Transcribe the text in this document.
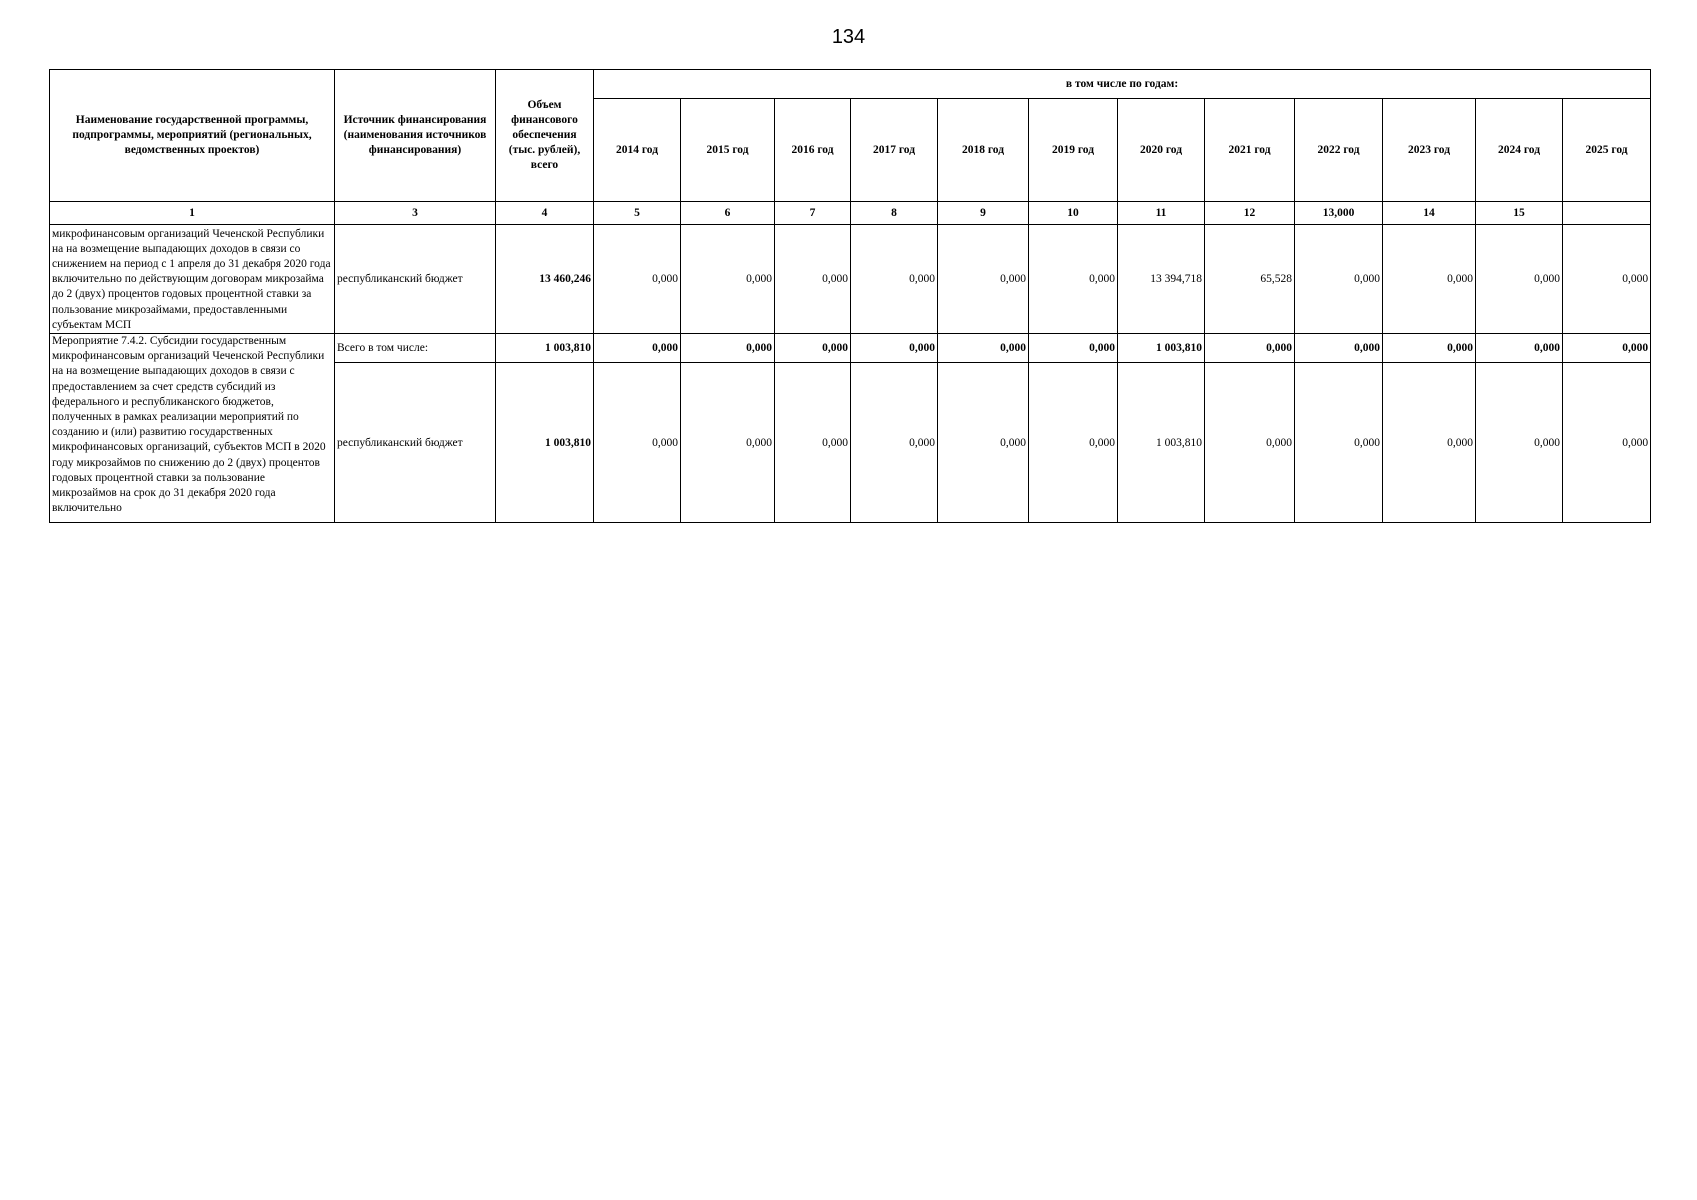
134
Наименование государственной программы, подпрограммы, мероприятий (региональных, ведомственных проектов)	Источник финансирования (наименования источников финансирования)	Объем финансового обеспечения (тыс. рублей), всего	в том числе по годам:											
			2014 год	2015 год	2016 год	2017 год	2018 год	2019 год	2020 год	2021 год	2022 год	2023 год	2024 год	2025 год
1	3	4	5	6	7	8	9	10	11	12	13,000	14	15	

микрофинансовым организаций Чеченской Республики на на возмещение выпадающих доходов в связи со снижением на период с 1 апреля до 31 декабря 2020 года включительно по действующим договорам микрозайма до 2 (двух) процентов годовых процентной ставки за пользование микрозаймами, предоставленными субъектам МСП	республиканский бюджет	13 460,246	0,000	0,000	0,000	0,000	0,000	0,000	13 394,718	65,528	0,000	0,000	0,000	0,000
Мероприятие 7.4.2. Субсидии государственным микрофинансовым организаций Чеченской Республики на на возмещение выпадающих доходов в связи с предоставлением за счет средств субсидий из федерального и республиканского бюджетов, полученных в рамках реализации мероприятий по созданию и (или) развитию государственных микрофинансовых организаций, субъектов МСП в 2020 году микрозаймов по снижению до 2 (двух) процентов годовых процентной ставки за пользование микрозаймов на срок до 31 декабря 2020 года включительно	Всего в том числе:	1 003,810	0,000	0,000	0,000	0,000	0,000	0,000	1 003,810	0,000	0,000	0,000	0,000	0,000
	республиканский бюджет	1 003,810	0,000	0,000	0,000	0,000	0,000	0,000	1 003,810	0,000	0,000	0,000	0,000	0,000
